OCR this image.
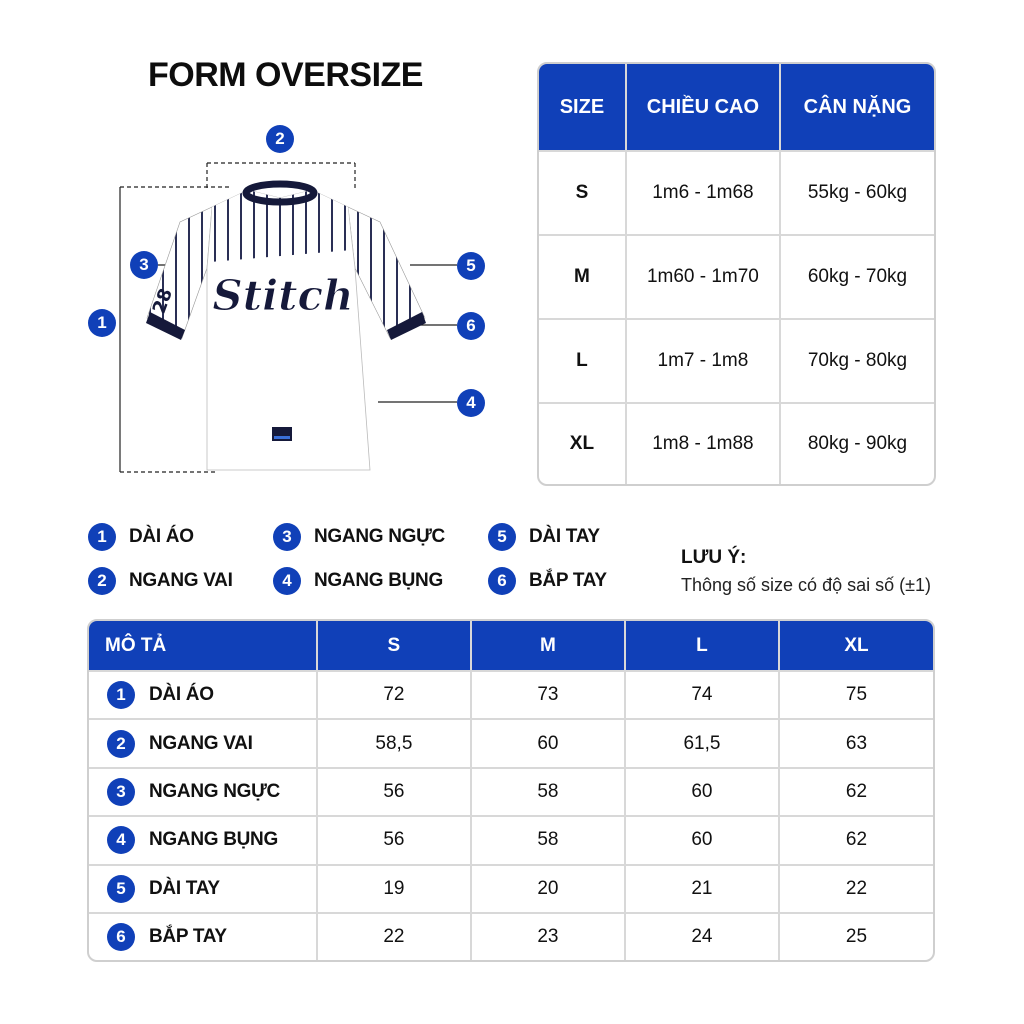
FORM OVERSIZE
Stitch
28
2
3
1
5
6
4
SIZE	CHIỀU CAO	CÂN NẶNG
S	1m6 - 1m68	55kg - 60kg
M	1m60 - 1m70	60kg - 70kg
L	1m7 - 1m8	70kg - 80kg
XL	1m8 - 1m88	80kg - 90kg
1	DÀI ÁO
2	NGANG VAI
3	NGANG NGỰC
4	NGANG BỤNG
5	DÀI TAY
6	BẮP TAY
LƯU Ý:
Thông số size có độ sai số (±1)
MÔ TẢ	S	M	L	XL

1 DÀI ÁO	72	73	74	75

2 NGANG VAI	58,5	60	61,5	63

3 NGANG NGỰC	56	58	60	62

4 NGANG BỤNG	56	58	60	62

5 DÀI TAY	19	20	21	22

6 BẮP TAY	22	23	24	25
